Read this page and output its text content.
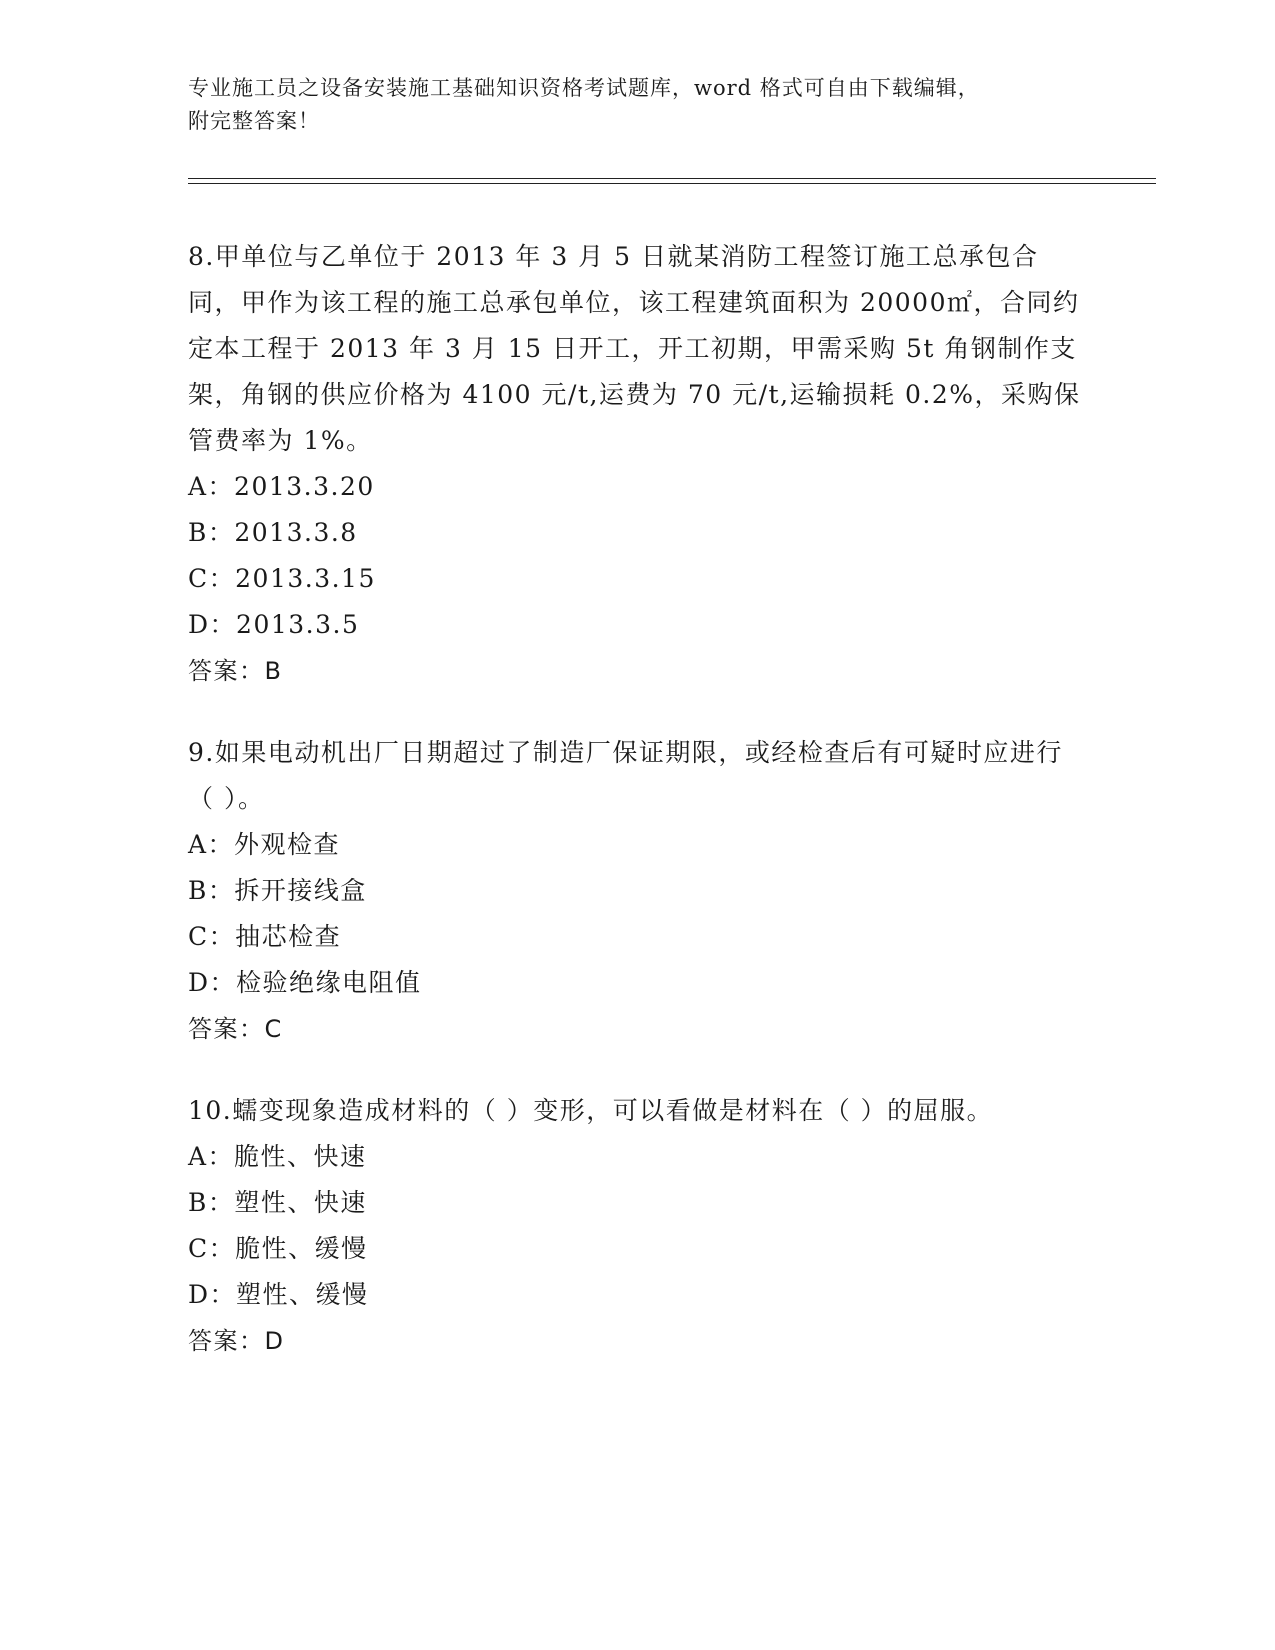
专业施工员之设备安装施工基础知识资格考试题库，word 格式可自由下载编辑，
附完整答案！
8.甲单位与乙单位于 2013 年 3 月 5 日就某消防工程签订施工总承包合同，甲作为该工程的施工总承包单位，该工程建筑面积为 20000㎡，合同约定本工程于 2013 年 3 月 15 日开工，开工初期，甲需采购 5t 角钢制作支架，角钢的供应价格为 4100 元/t,运费为 70 元/t,运输损耗 0.2%，采购保管费率为 1%。
A：2013.3.20
B：2013.3.8
C：2013.3.15
D：2013.3.5
答案：B
9.如果电动机出厂日期超过了制造厂保证期限，或经检查后有可疑时应进行（ ）。
A：外观检查
B：拆开接线盒
C：抽芯检查
D：检验绝缘电阻值
答案：C
10.蠕变现象造成材料的（ ）变形，可以看做是材料在（ ）的屈服。
A：脆性、快速
B：塑性、快速
C：脆性、缓慢
D：塑性、缓慢
答案：D
